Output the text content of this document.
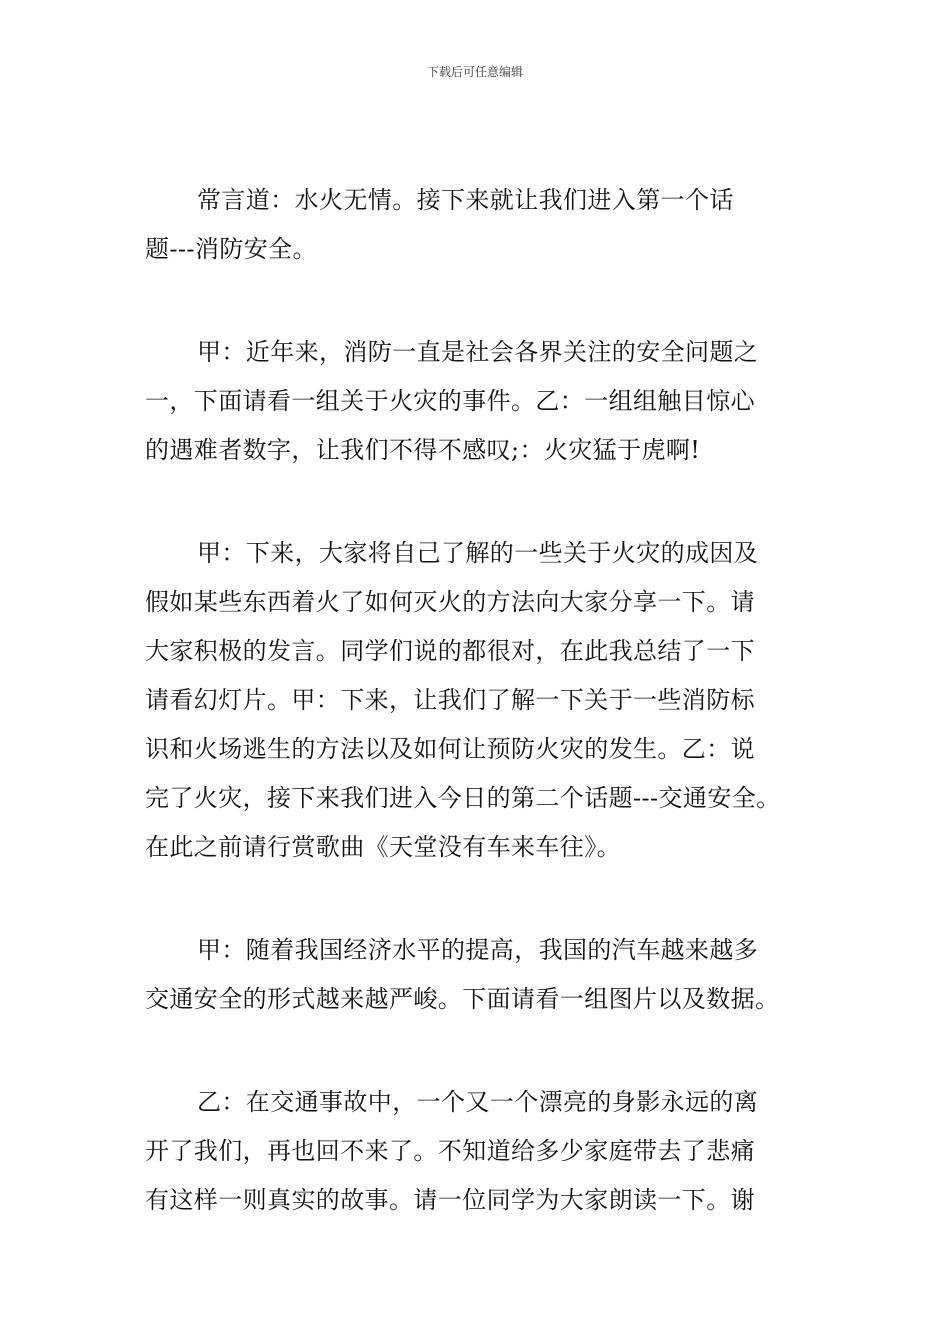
下载后可任意编辑

常言道：水火无情。接下来就让我们进入第一个话
题---消防安全。

甲：近年来，消防一直是社会各界关注的安全问题之
一，下面请看一组关于火灾的事件。乙：一组组触目惊心
的遇难者数字，让我们不得不感叹;：火灾猛于虎啊!

甲：下来，大家将自己了解的一些关于火灾的成因及
假如某些东西着火了如何灭火的方法向大家分享一下。请
大家积极的发言。同学们说的都很对，在此我总结了一下
请看幻灯片。甲：下来，让我们了解一下关于一些消防标
识和火场逃生的方法以及如何让预防火灾的发生。乙：说
完了火灾，接下来我们进入今日的第二个话题---交通安全。
在此之前请行赏歌曲《天堂没有车来车往》。

甲：随着我国经济水平的提高，我国的汽车越来越多
交通安全的形式越来越严峻。下面请看一组图片以及数据。

乙：在交通事故中，一个又一个漂亮的身影永远的离
开了我们，再也回不来了。不知道给多少家庭带去了悲痛
有这样一则真实的故事。请一位同学为大家朗读一下。谢
